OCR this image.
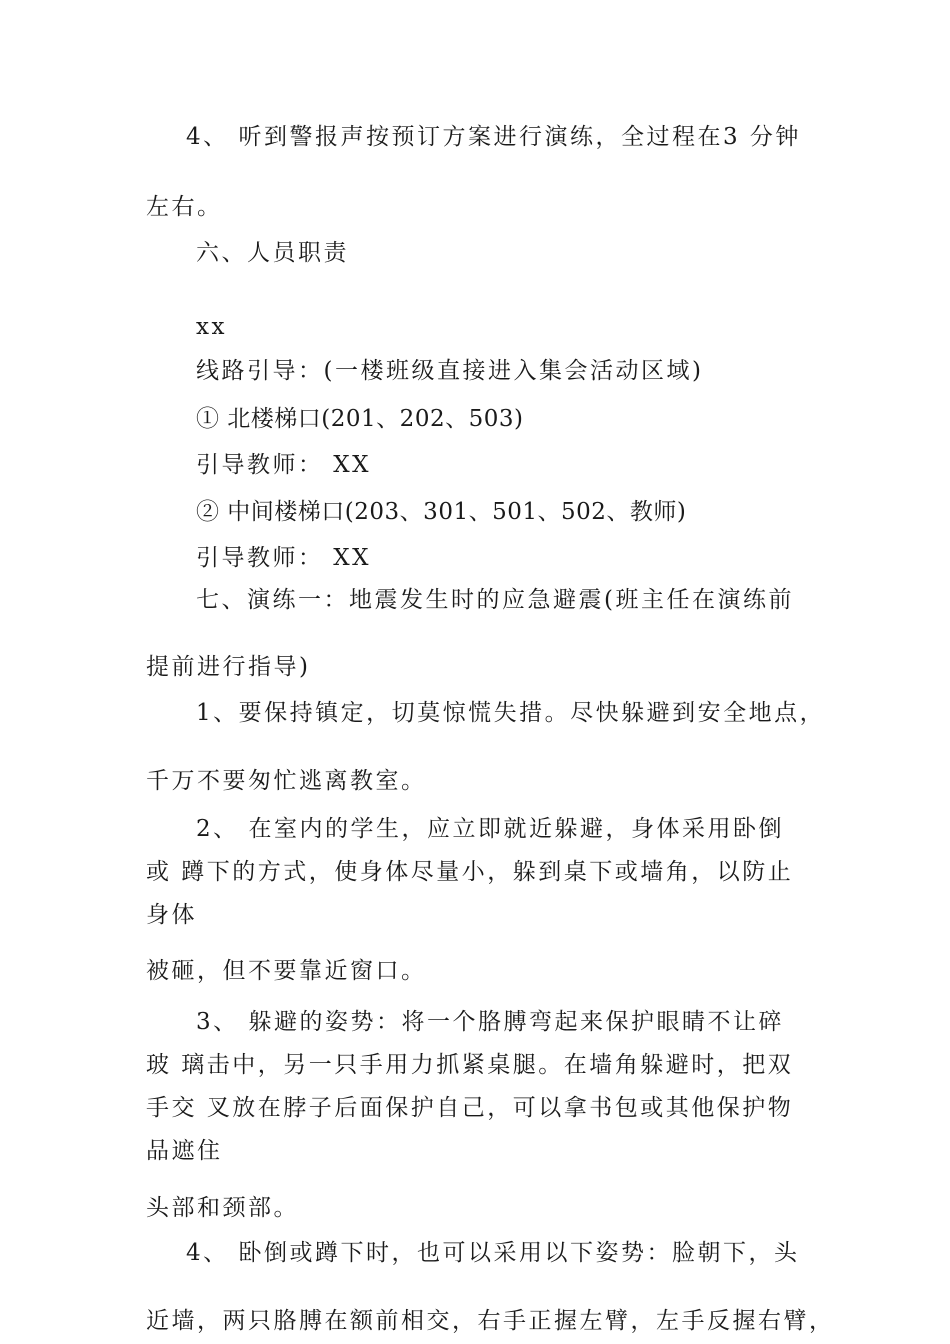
4、 听到警报声按预订方案进行演练，全过程在3 分钟

左右。

六、人员职责

xx

线路引导：(一楼班级直接进入集会活动区域)

① 北楼梯口(201、202、503)

引导教师： XX

② 中间楼梯口(203、301、501、502、教师)

引导教师： XX

七、演练一：地震发生时的应急避震(班主任在演练前

提前进行指导)

1、要保持镇定，切莫惊慌失措。尽快躲避到安全地点，

千万不要匆忙逃离教室。

2、 在室内的学生，应立即就近躲避，身体采用卧倒

或 蹲下的方式，使身体尽量小，躲到桌下或墙角，以防止

身体

被砸，但不要靠近窗口。

3、 躲避的姿势：将一个胳膊弯起来保护眼睛不让碎

玻 璃击中，另一只手用力抓紧桌腿。在墙角躲避时，把双

手交 叉放在脖子后面保护自己，可以拿书包或其他保护物

品遮住

头部和颈部。

4、 卧倒或蹲下时，也可以采用以下姿势：脸朝下，头

近墙，两只胳膊在额前相交，右手正握左臂，左手反握右臂，
